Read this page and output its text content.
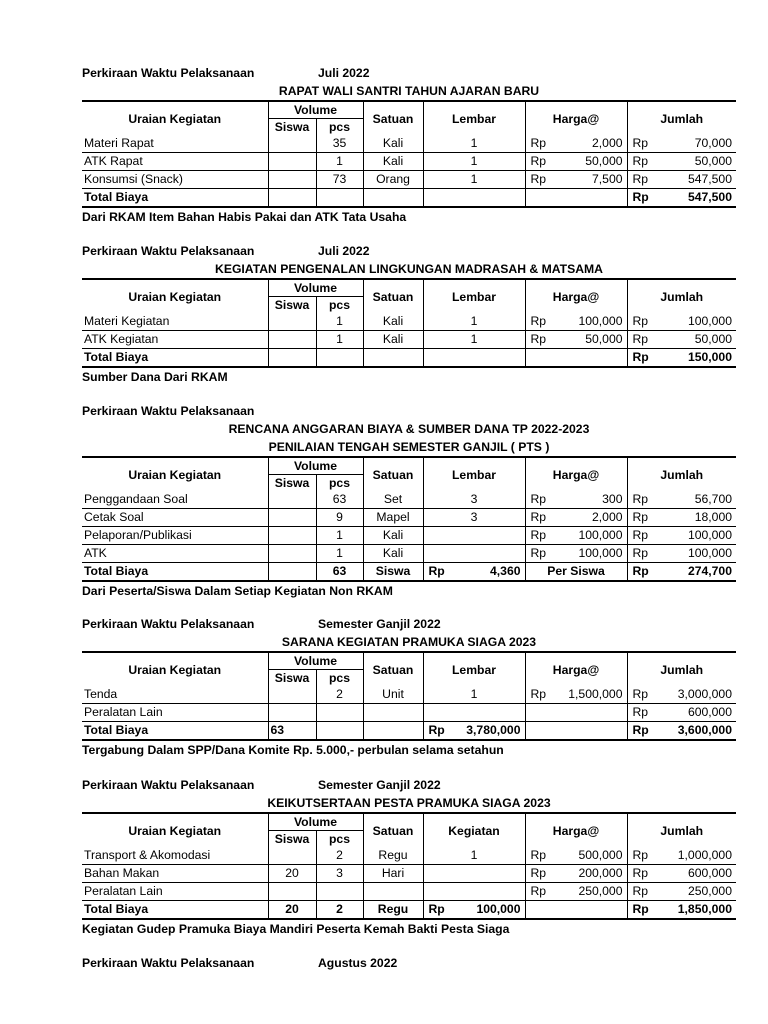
Perkiraan Waktu Pelaksanaan	Juli 2022
RAPAT WALI SANTRI TAHUN AJARAN BARU
Uraian Kegiatan	Volume		Satuan	Lembar	Harga@	Jumlah
	Siswa	pcs				
Materi Rapat		35	Kali	1	Rp 2,000	Rp 70,000

ATK Rapat		1	Kali	1	Rp 50,000	Rp 50,000

Konsumsi (Snack)		73	Orang	1	Rp 7,500	Rp 547,500

Total Biaya						Rp 547,500

Dari RKAM Item Bahan Habis Pakai dan ATK Tata Usaha
Perkiraan Waktu Pelaksanaan	Juli 2022
KEGIATAN PENGENALAN LINGKUNGAN MADRASAH & MATSAMA
Uraian Kegiatan	Volume		Satuan	Lembar	Harga@	Jumlah
	Siswa	pcs				
Materi Kegiatan		1	Kali	1	Rp 100,000	Rp 100,000

ATK Kegiatan		1	Kali	1	Rp 50,000	Rp 50,000

Total Biaya						Rp 150,000

Sumber Dana Dari RKAM
Perkiraan Waktu Pelaksanaan
RENCANA ANGGARAN BIAYA & SUMBER DANA TP 2022-2023
PENILAIAN TENGAH SEMESTER GANJIL ( PTS )
Uraian Kegiatan	Volume		Satuan	Lembar	Harga@	Jumlah
	Siswa	pcs				
Penggandaan Soal		63	Set	3	Rp 300	Rp 56,700

Cetak Soal		9	Mapel	3	Rp 2,000	Rp 18,000

Pelaporan/Publikasi		1	Kali		Rp 100,000	Rp 100,000

ATK		1	Kali		Rp 100,000	Rp 100,000

Total Biaya		63	Siswa	Rp 4,360	Per Siswa	Rp 274,700

Dari Peserta/Siswa Dalam Setiap Kegiatan Non RKAM
Perkiraan Waktu Pelaksanaan	Semester Ganjil 2022
SARANA KEGIATAN PRAMUKA SIAGA 2023
Uraian Kegiatan	Volume		Satuan	Lembar	Harga@	Jumlah
	Siswa	pcs				
Tenda		2	Unit	1	Rp 1,500,000	Rp 3,000,000

Peralatan Lain						Rp 600,000

Total Biaya	63			Rp 3,780,000		Rp 3,600,000

Tergabung Dalam SPP/Dana Komite Rp. 5.000,- perbulan selama setahun
Perkiraan Waktu Pelaksanaan	Semester Ganjil 2022
KEIKUTSERTAAN PESTA PRAMUKA SIAGA 2023
Uraian Kegiatan	Volume		Satuan	Kegiatan	Harga@	Jumlah
	Siswa	pcs				
Transport & Akomodasi		2	Regu	1	Rp 500,000	Rp 1,000,000

Bahan Makan	20	3	Hari		Rp 200,000	Rp 600,000

Peralatan Lain					Rp 250,000	Rp 250,000

Total Biaya	20	2	Regu	Rp 100,000		Rp 1,850,000

Kegiatan Gudep Pramuka Biaya Mandiri Peserta Kemah Bakti Pesta Siaga
Perkiraan Waktu Pelaksanaan	Agustus 2022
